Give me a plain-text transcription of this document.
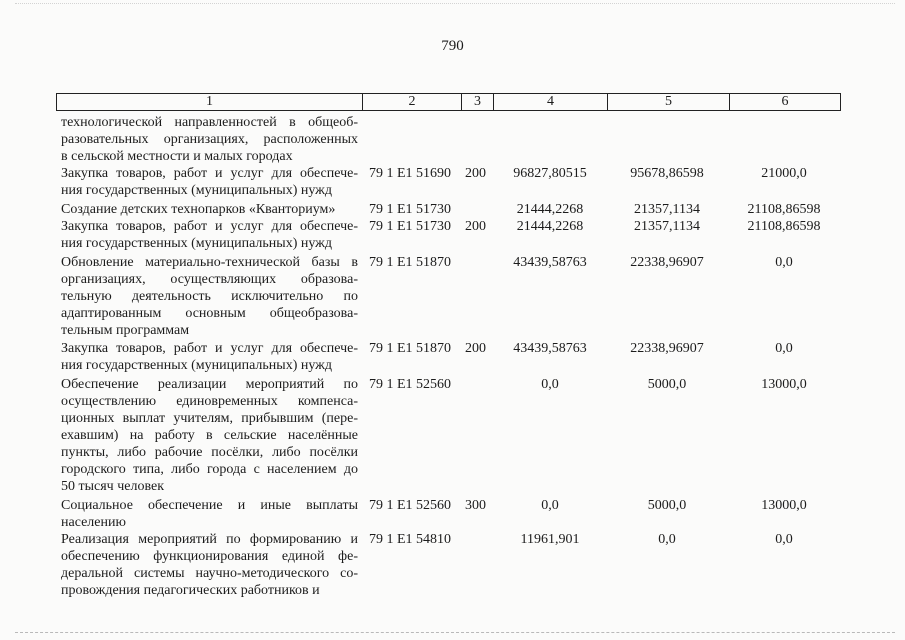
790
1	2	3	4	5	6
технологической направленностей в общеоб-
разовательных организациях, расположенных
в сельской местности и малых городах
Закупка товаров, работ и услуг для обеспече-
ния государственных (муниципальных) нужд
79 1 E1 51690 200	96827,80515	95678,86598	21000,0
Создание детских технопарков «Кванториум»	79 1 E1 51730	21444,2268	21357,1134	21108,86598
Закупка товаров, работ и услуг для обеспече-
ния государственных (муниципальных) нужд
79 1 E1 51730 200	21444,2268	21357,1134	21108,86598
Обновление материально-технической базы в
организациях, осуществляющих образова-
тельную деятельность исключительно по
адаптированным основным общеобразова-
тельным программам
79 1 E1 51870	43439,58763	22338,96907	0,0
Закупка товаров, работ и услуг для обеспече-
ния государственных (муниципальных) нужд
79 1 E1 51870 200	43439,58763	22338,96907	0,0
Обеспечение реализации мероприятий по
осуществлению единовременных компенса-
ционных выплат учителям, прибывшим (пере-
ехавшим) на работу в сельские населённые
пункты, либо рабочие посёлки, либо посёлки
городского типа, либо города с населением до
50 тысяч человек
79 1 E1 52560	0,0	5000,0	13000,0
Социальное обеспечение и иные выплаты
населению
79 1 E1 52560 300	0,0	5000,0	13000,0
Реализация мероприятий по формированию и
обеспечению функционирования единой фе-
деральной системы научно-методического со-
провождения педагогических работников и
79 1 E1 54810	11961,901	0,0	0,0
